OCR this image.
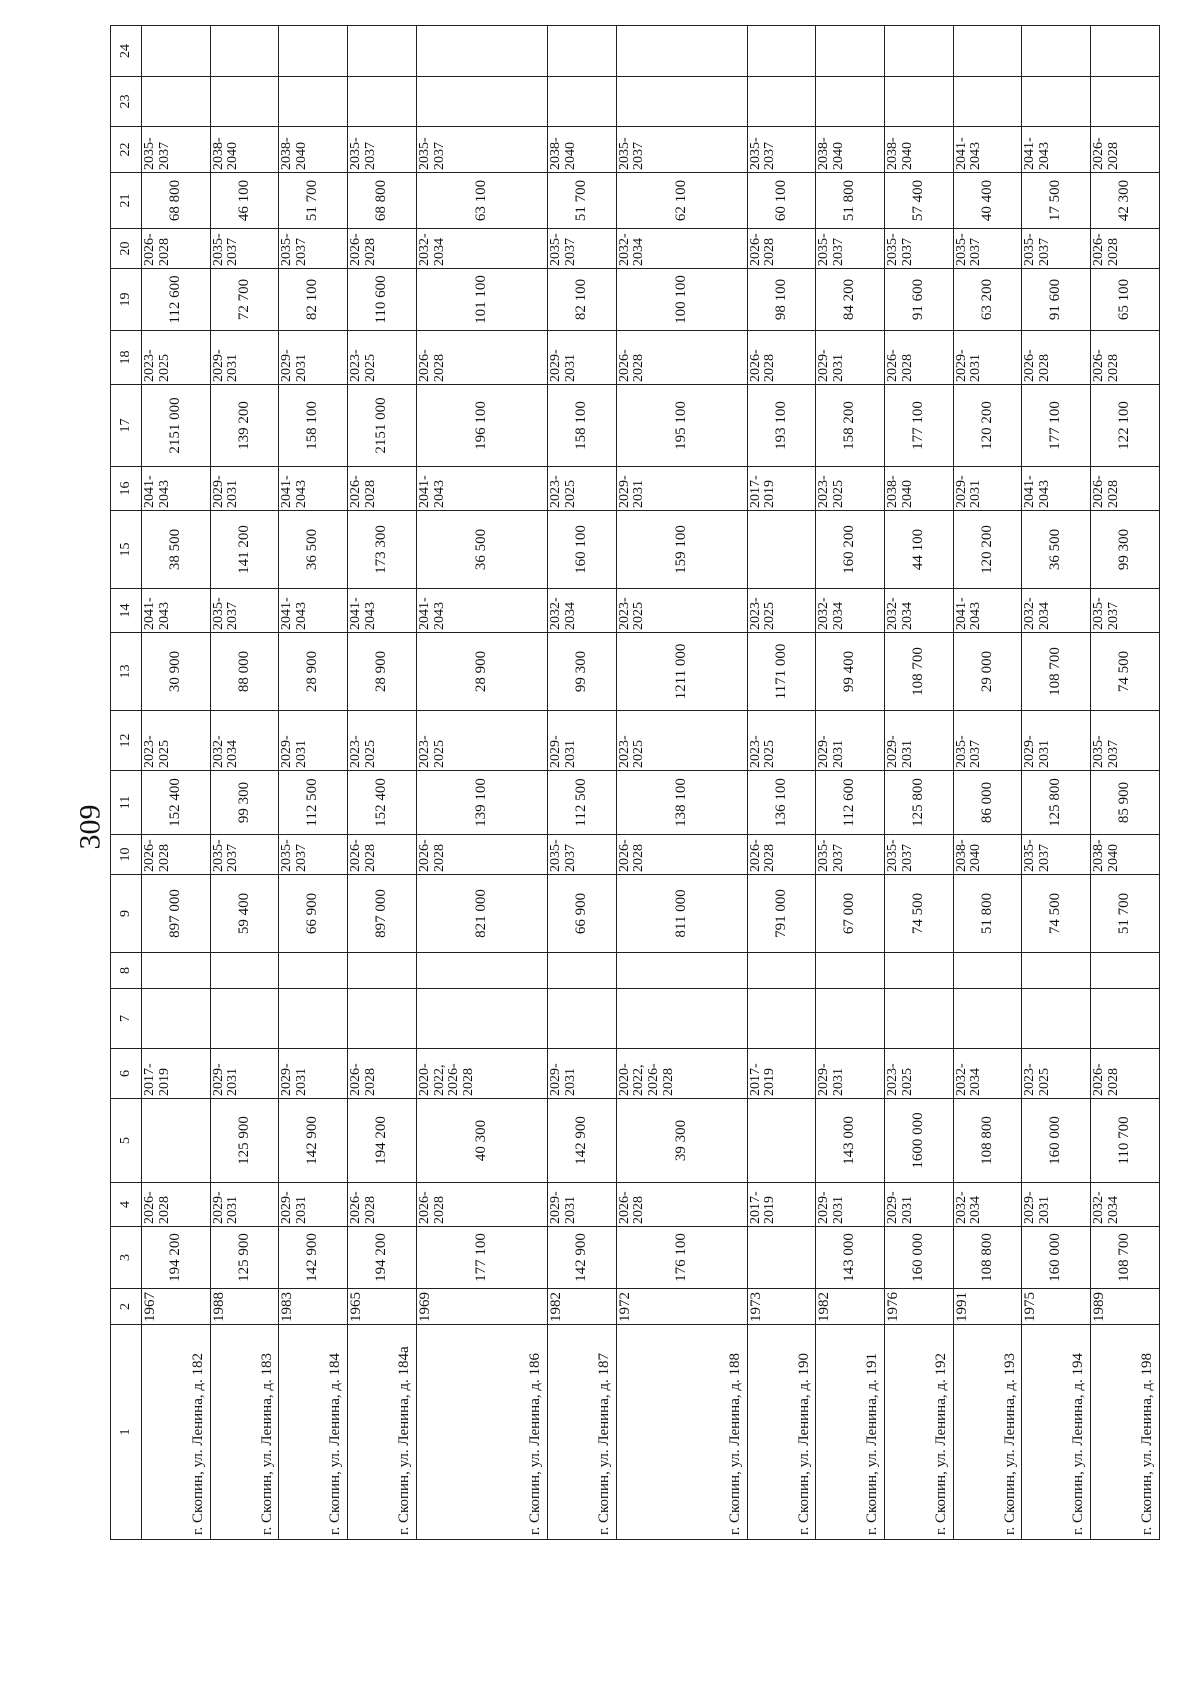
309
1	2	3	4	5	6	7	8	9	10	11	12	13	14	15	16	17	18	19	20	21	22	23	24
г. Скопин, ул. Ленина, д. 182	1967	194 200	2026-2028		2017-2019			897 000	2026-2028	152 400	2023-2025	30 900	2041-2043	38 500	2041-2043	2151 000	2023-2025	112 600	2026-2028	68 800	2035-2037		
г. Скопин, ул. Ленина, д. 183	1988	125 900	2029-2031	125 900	2029-2031			59 400	2035-2037	99 300	2032-2034	88 000	2035-2037	141 200	2029-2031	139 200	2029-2031	72 700	2035-2037	46 100	2038-2040		
г. Скопин, ул. Ленина, д. 184	1983	142 900	2029-2031	142 900	2029-2031			66 900	2035-2037	112 500	2029-2031	28 900	2041-2043	36 500	2041-2043	158 100	2029-2031	82 100	2035-2037	51 700	2038-2040		
г. Скопин, ул. Ленина, д. 184а	1965	194 200	2026-2028	194 200	2026-2028			897 000	2026-2028	152 400	2023-2025	28 900	2041-2043	173 300	2026-2028	2151 000	2023-2025	110 600	2026-2028	68 800	2035-2037		
г. Скопин, ул. Ленина, д. 186	1969	177 100	2026-2028	40 300	2020-2022, 2026-2028			821 000	2026-2028	139 100	2023-2025	28 900	2041-2043	36 500	2041-2043	196 100	2026-2028	101 100	2032-2034	63 100	2035-2037		
г. Скопин, ул. Ленина, д. 187	1982	142 900	2029-2031	142 900	2029-2031			66 900	2035-2037	112 500	2029-2031	99 300	2032-2034	160 100	2023-2025	158 100	2029-2031	82 100	2035-2037	51 700	2038-2040		
г. Скопин, ул. Ленина, д. 188	1972	176 100	2026-2028	39 300	2020-2022, 2026-2028			811 000	2026-2028	138 100	2023-2025	1211 000	2023-2025	159 100	2029-2031	195 100	2026-2028	100 100	2032-2034	62 100	2035-2037		
г. Скопин, ул. Ленина, д. 190	1973		2017-2019		2017-2019			791 000	2026-2028	136 100	2023-2025	1171 000	2023-2025		2017-2019	193 100	2026-2028	98 100	2026-2028	60 100	2035-2037		
г. Скопин, ул. Ленина, д. 191	1982	143 000	2029-2031	143 000	2029-2031			67 000	2035-2037	112 600	2029-2031	99 400	2032-2034	160 200	2023-2025	158 200	2029-2031	84 200	2035-2037	51 800	2038-2040		
г. Скопин, ул. Ленина, д. 192	1976	160 000	2029-2031	1600 000	2023-2025			74 500	2035-2037	125 800	2029-2031	108 700	2032-2034	44 100	2038-2040	177 100	2026-2028	91 600	2035-2037	57 400	2038-2040		
г. Скопин, ул. Ленина, д. 193	1991	108 800	2032-2034	108 800	2032-2034			51 800	2038-2040	86 000	2035-2037	29 000	2041-2043	120 200	2029-2031	120 200	2029-2031	63 200	2035-2037	40 400	2041-2043		
г. Скопин, ул. Ленина, д. 194	1975	160 000	2029-2031	160 000	2023-2025			74 500	2035-2037	125 800	2029-2031	108 700	2032-2034	36 500	2041-2043	177 100	2026-2028	91 600	2035-2037	17 500	2041-2043		
г. Скопин, ул. Ленина, д. 198	1989	108 700	2032-2034	110 700	2026-2028			51 700	2038-2040	85 900	2035-2037	74 500	2035-2037	99 300	2026-2028	122 100	2026-2028	65 100	2026-2028	42 300	2026-2028		
